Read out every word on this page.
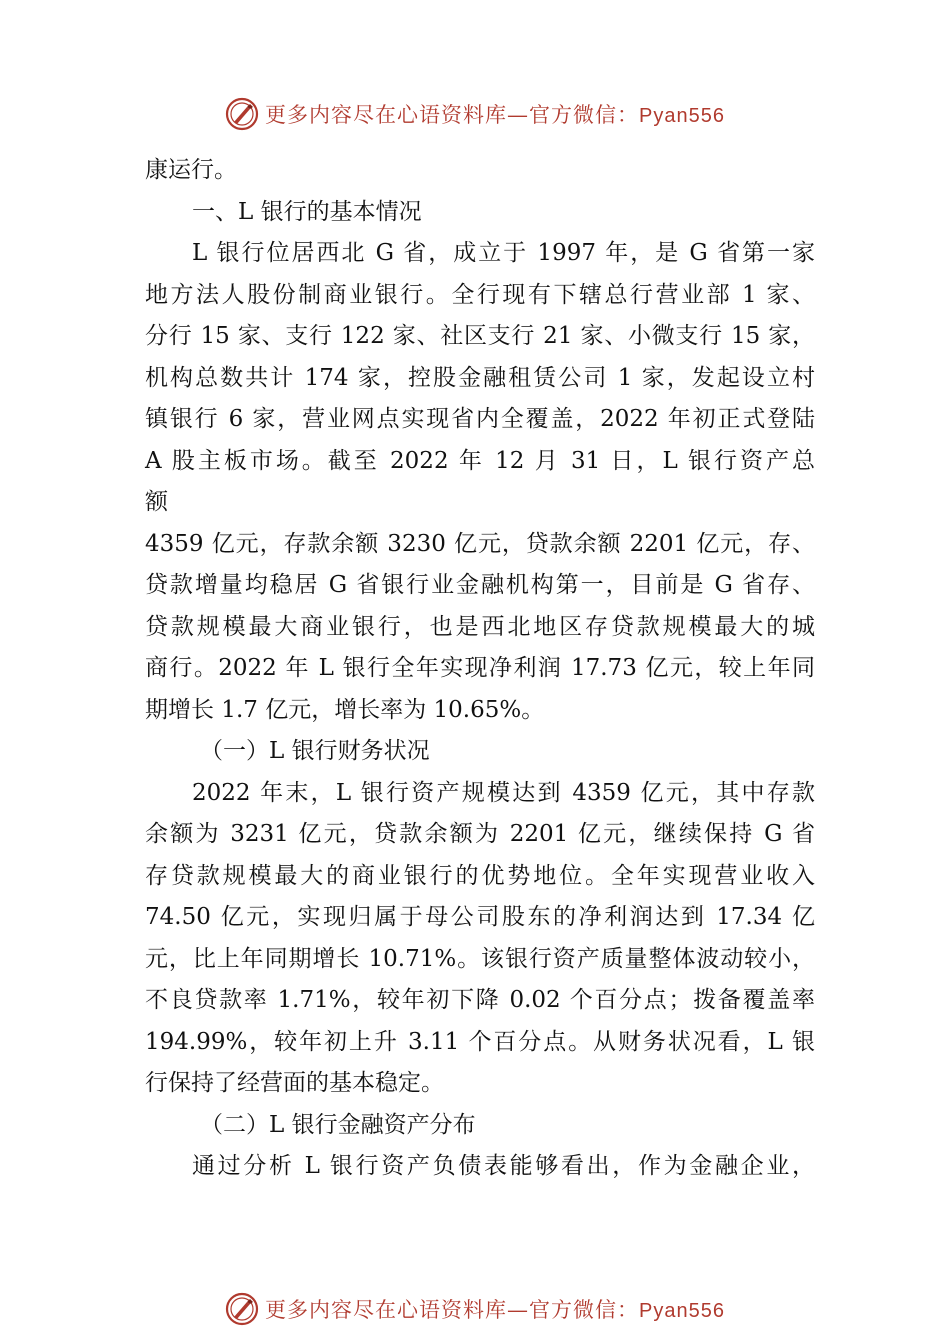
更多内容尽在心语资料库—官方微信：Pyan556
康运行。
一、L 银行的基本情况
L 银行位居西北 G 省，成立于 1997 年，是 G 省第一家
地方法人股份制商业银行。全行现有下辖总行营业部 1 家、
分行 15 家、支行 122 家、社区支行 21 家、小微支行 15 家，
机构总数共计 174 家，控股金融租赁公司 1 家，发起设立村
镇银行 6 家，营业网点实现省内全覆盖，2022 年初正式登陆
A 股主板市场。截至 2022 年 12 月 31 日，L 银行资产总
额
4359 亿元，存款余额 3230 亿元，贷款余额 2201 亿元，存、
贷款增量均稳居 G 省银行业金融机构第一，目前是 G 省存、
贷款规模最大商业银行，也是西北地区存贷款规模最大的城
商行。2022 年 L 银行全年实现净利润 17.73 亿元，较上年同
期增长 1.7 亿元，增长率为 10.65%。
（一）L 银行财务状况
2022 年末，L 银行资产规模达到 4359 亿元，其中存款
余额为 3231 亿元，贷款余额为 2201 亿元，继续保持 G 省
存贷款规模最大的商业银行的优势地位。全年实现营业收入
74.50 亿元，实现归属于母公司股东的净利润达到 17.34 亿
元，比上年同期增长 10.71%。该银行资产质量整体波动较小，
不良贷款率 1.71%，较年初下降 0.02 个百分点；拨备覆盖率
194.99%，较年初上升 3.11 个百分点。从财务状况看，L 银
行保持了经营面的基本稳定。
（二）L 银行金融资产分布
通过分析 L 银行资产负债表能够看出，作为金融企业，
更多内容尽在心语资料库—官方微信：Pyan556
